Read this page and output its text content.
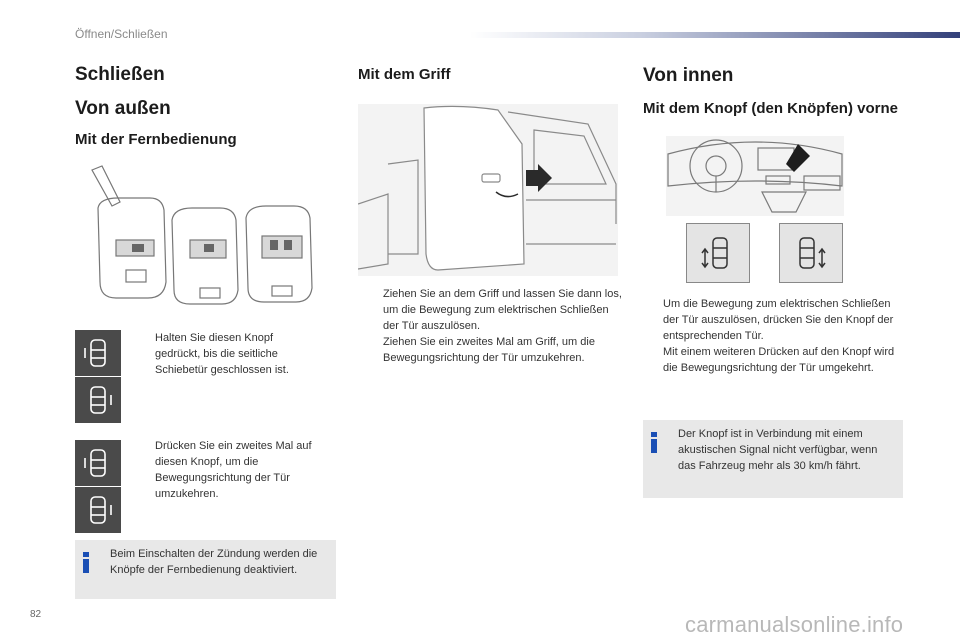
Öffnen/Schließen
Schließen
Von außen
Mit der Fernbedienung
Halten Sie diesen Knopf gedrückt, bis die seitliche Schiebetür geschlossen ist.
Drücken Sie ein zweites Mal auf diesen Knopf, um die Bewegungsrichtung der Tür umzukehren.
Beim Einschalten der Zündung werden die Knöpfe der Fernbedienung deaktiviert.
Mit dem Griff
Ziehen Sie an dem Griff und lassen Sie dann los, um die Bewegung zum elektrischen Schließen der Tür auszulösen.
Ziehen Sie ein zweites Mal am Griff, um die Bewegungsrichtung der Tür umzukehren.
Von innen
Mit dem Knopf (den Knöpfen) vorne
Um die Bewegung zum elektrischen Schließen der Tür auszulösen, drücken Sie den Knopf der entsprechenden Tür.
Mit einem weiteren Drücken auf den Knopf wird die Bewegungsrichtung der Tür umgekehrt.
Der Knopf ist in Verbindung mit einem akustischen Signal nicht verfügbar, wenn das Fahrzeug mehr als 30 km/h fährt.
82	carmanualsonline.info
